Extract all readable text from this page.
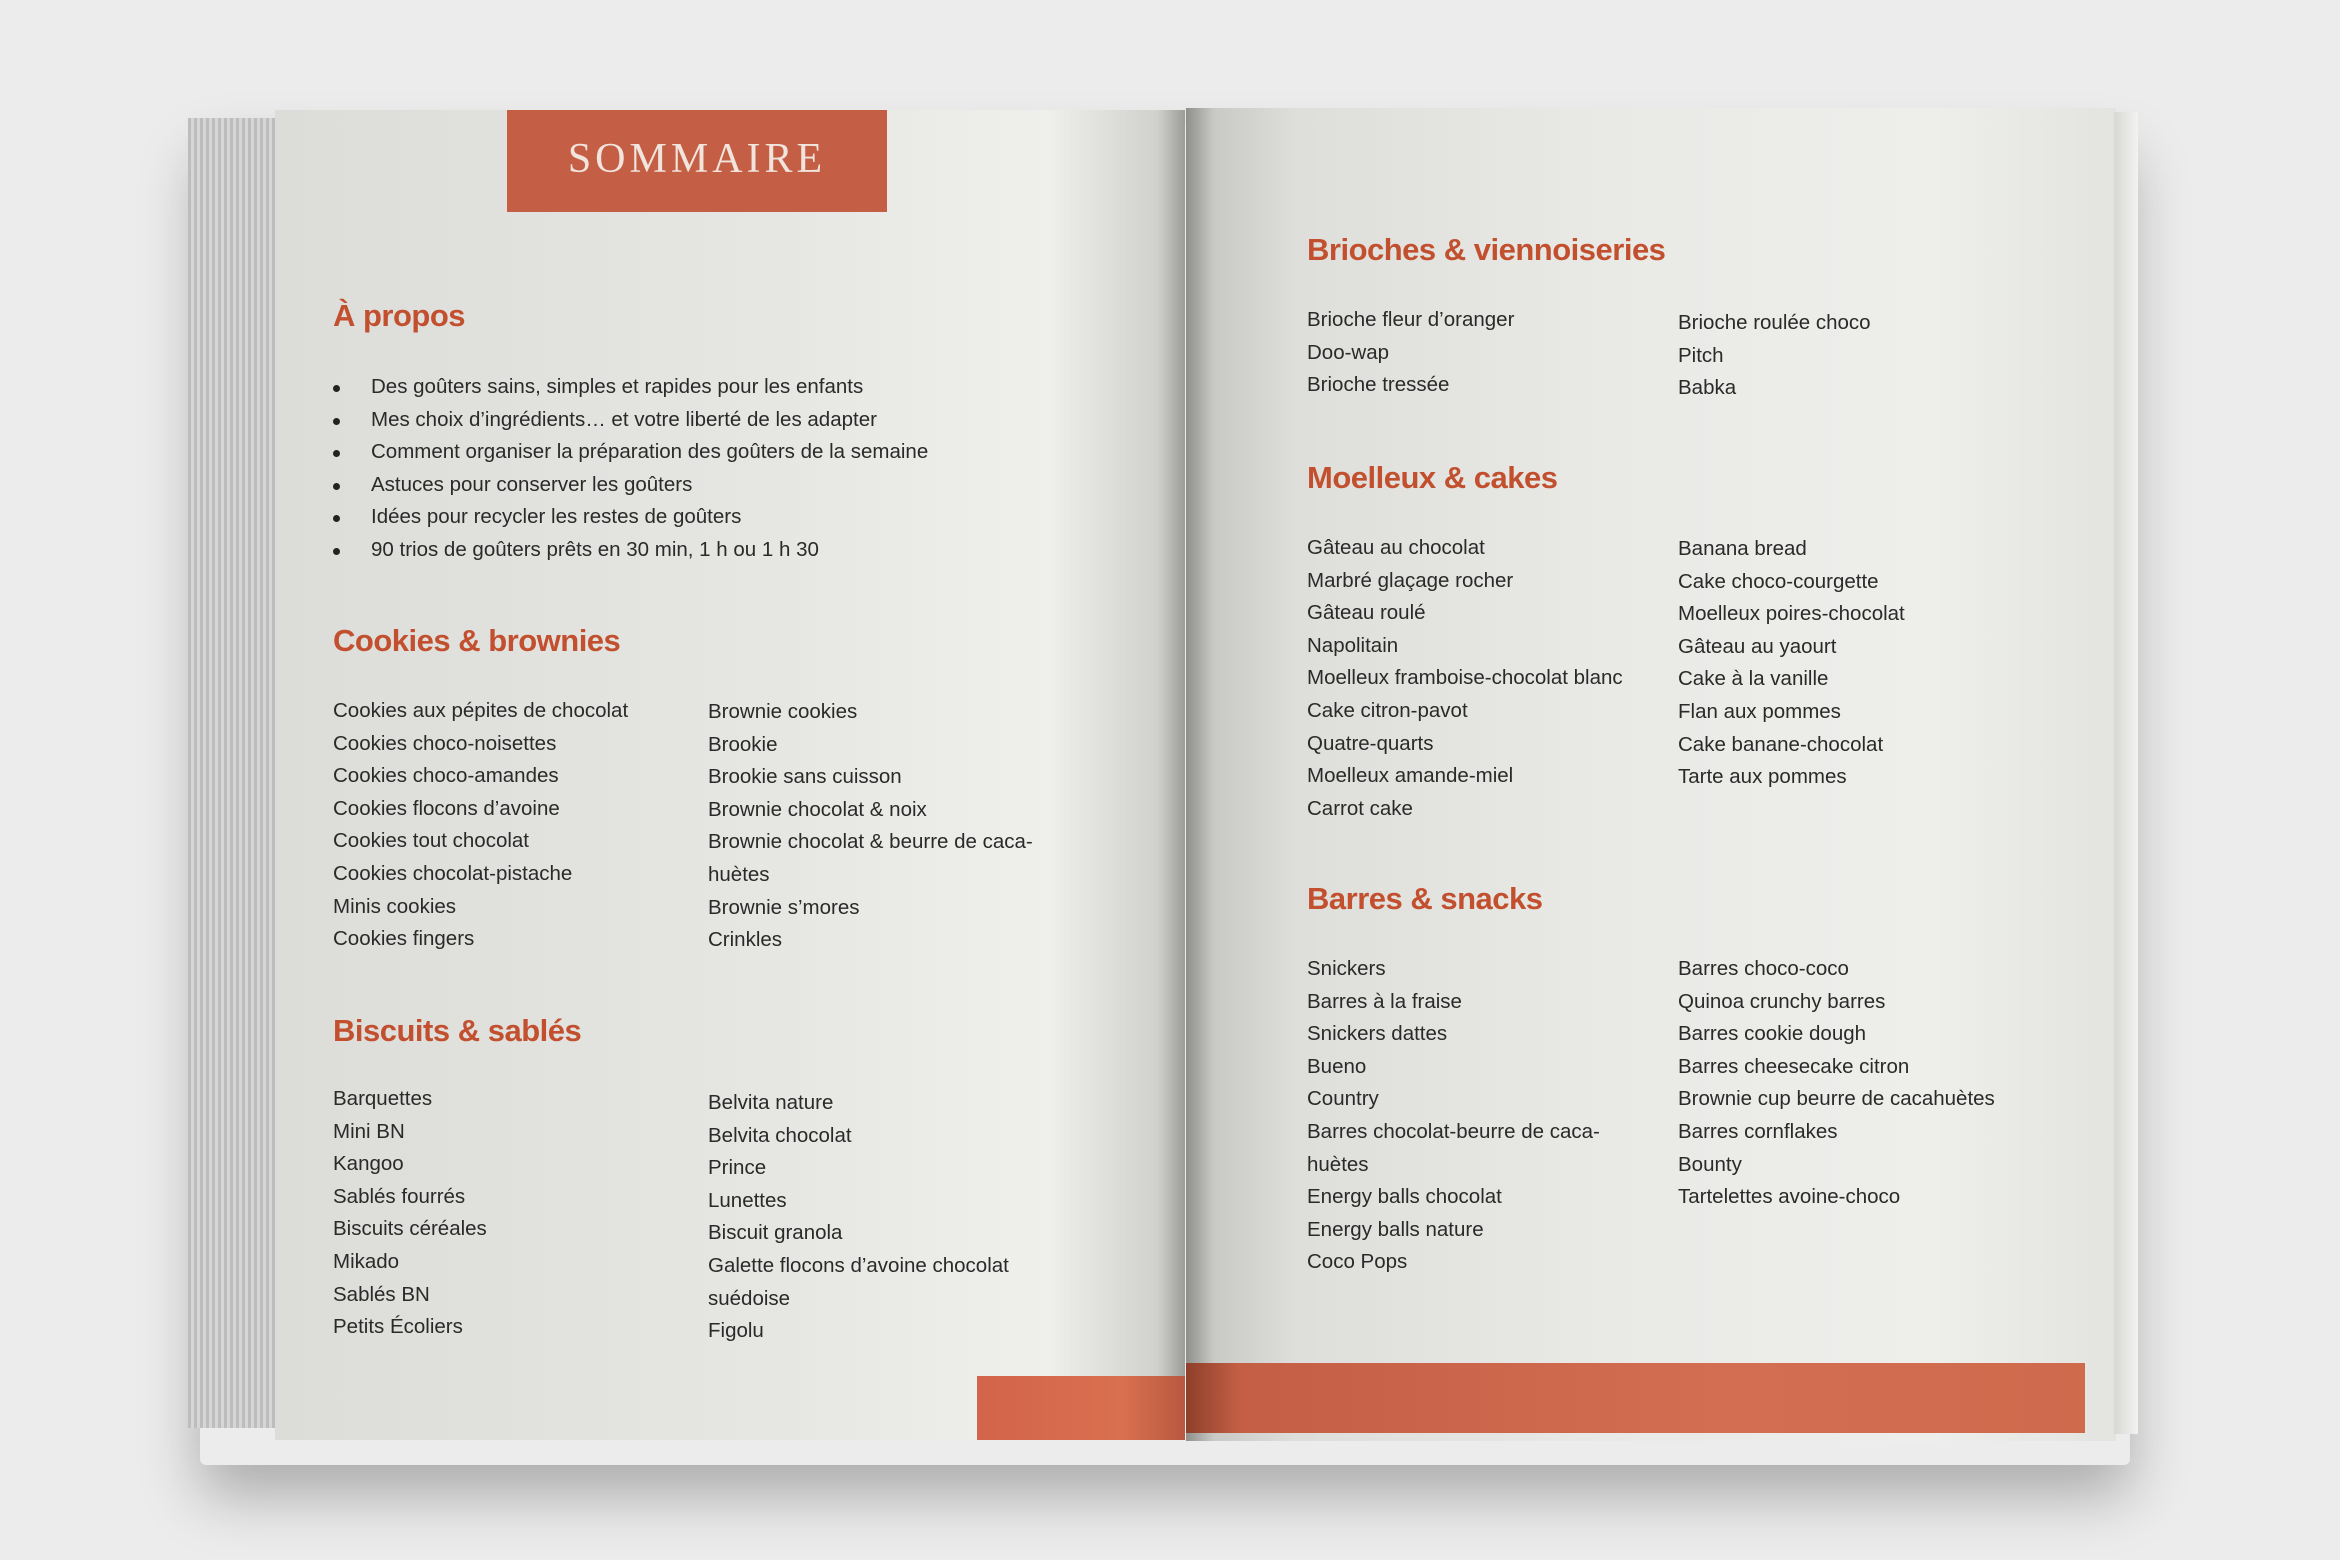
SOMMAIRE
À propos
Des goûters sains, simples et rapides pour les enfants
Mes choix d’ingrédients… et votre liberté de les adapter
Comment organiser la préparation des goûters de la semaine
Astuces pour conserver les goûters
Idées pour recycler les restes de goûters
90 trios de goûters prêts en 30 min, 1 h ou 1 h 30
Cookies & brownies
Cookies aux pépites de chocolat
Cookies choco-noisettes
Cookies choco-amandes
Cookies flocons d’avoine
Cookies tout chocolat
Cookies chocolat-pistache
Minis cookies
Cookies fingers
Brownie cookies
Brookie
Brookie sans cuisson
Brownie chocolat & noix
Brownie chocolat & beurre de caca-
huètes
Brownie s’mores
Crinkles
Biscuits & sablés
Barquettes
Mini BN
Kangoo
Sablés fourrés
Biscuits céréales
Mikado
Sablés BN
Petits Écoliers
Belvita nature
Belvita chocolat
Prince
Lunettes
Biscuit granola
Galette flocons d’avoine chocolat
suédoise
Figolu
Brioches & viennoiseries
Brioche fleur d’oranger
Doo-wap
Brioche tressée
Brioche roulée choco
Pitch
Babka
Moelleux & cakes
Gâteau au chocolat
Marbré glaçage rocher
Gâteau roulé
Napolitain
Moelleux framboise-chocolat blanc
Cake citron-pavot
Quatre-quarts
Moelleux amande-miel
Carrot cake
Banana bread
Cake choco-courgette
Moelleux poires-chocolat
Gâteau au yaourt
Cake à la vanille
Flan aux pommes
Cake banane-chocolat
Tarte aux pommes
Barres & snacks
Snickers
Barres à la fraise
Snickers dattes
Bueno
Country
Barres chocolat-beurre de caca-
huètes
Energy balls chocolat
Energy balls nature
Coco Pops
Barres choco-coco
Quinoa crunchy barres
Barres cookie dough
Barres cheesecake citron
Brownie cup beurre de cacahuètes
Barres cornflakes
Bounty
Tartelettes avoine-choco
